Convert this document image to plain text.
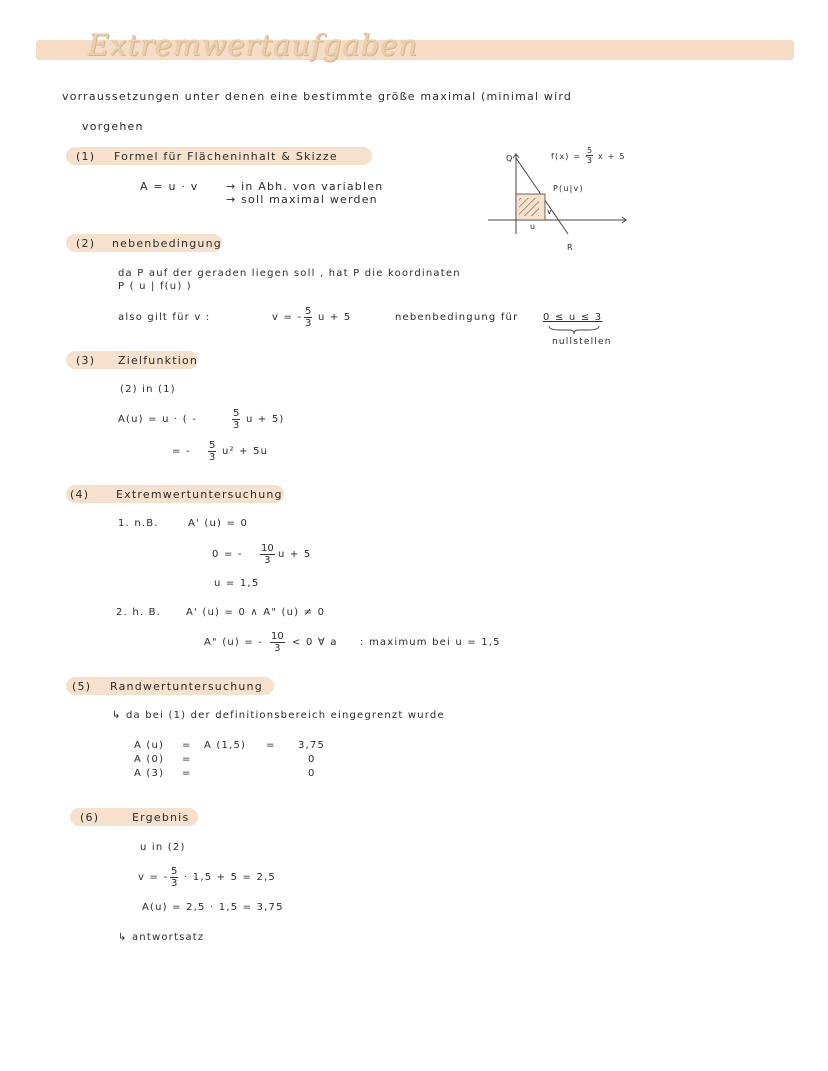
Extremwertaufgaben
vorraussetzungen unter denen eine bestimmte größe maximal (minimal wird
vorgehen
(1) Formel für Flächeninhalt & Skizze
A = u · v → in Abh. von variablen
→ soll maximal werden
Q
R
u
v
P(u|v)
f(x) = -
$\frac{5}{3}$ x + 5
(2) nebenbedingung
da P auf der geraden liegen soll , hat P die koordinaten
P ( u | f(u) )
also gilt für v :	v = - $\frac{5}{3}$ u + 5	nebenbedingung für 0 ≤ u ≤ 3
nullstellen
(3) Zielfunktion
(2) in (1)
A(u) = u · ( -	$\frac{5}{3}$ u + 5)
= - $\frac{5}{3} u^2 + 5u$
(4) Extremwertuntersuchung
1. n.B.	A' (u) = 0
0 = - $\frac{10}{3}$ u + 5
u = 1,5
2. h. B. A' (u) = 0 ∧ A" (u) ≠ 0
A" (u) = - $\frac{10}{3} < 0$ ∀ a : maximum bei u = 1,5
(5) Randwertuntersuchung
↳ da bei (1) der definitionsbereich eingegrenzt wurde
A (u) = A (1,5) = 3,75
A (0) =	0
A (3) =	0
(6)	Ergebnis
u in (2)
v = - $\frac{5}{3} \cdot 1,5 + 5 = 2,5$
A(u) = 2,5 · 1,5 = 3,75
↳ antwortsatz
